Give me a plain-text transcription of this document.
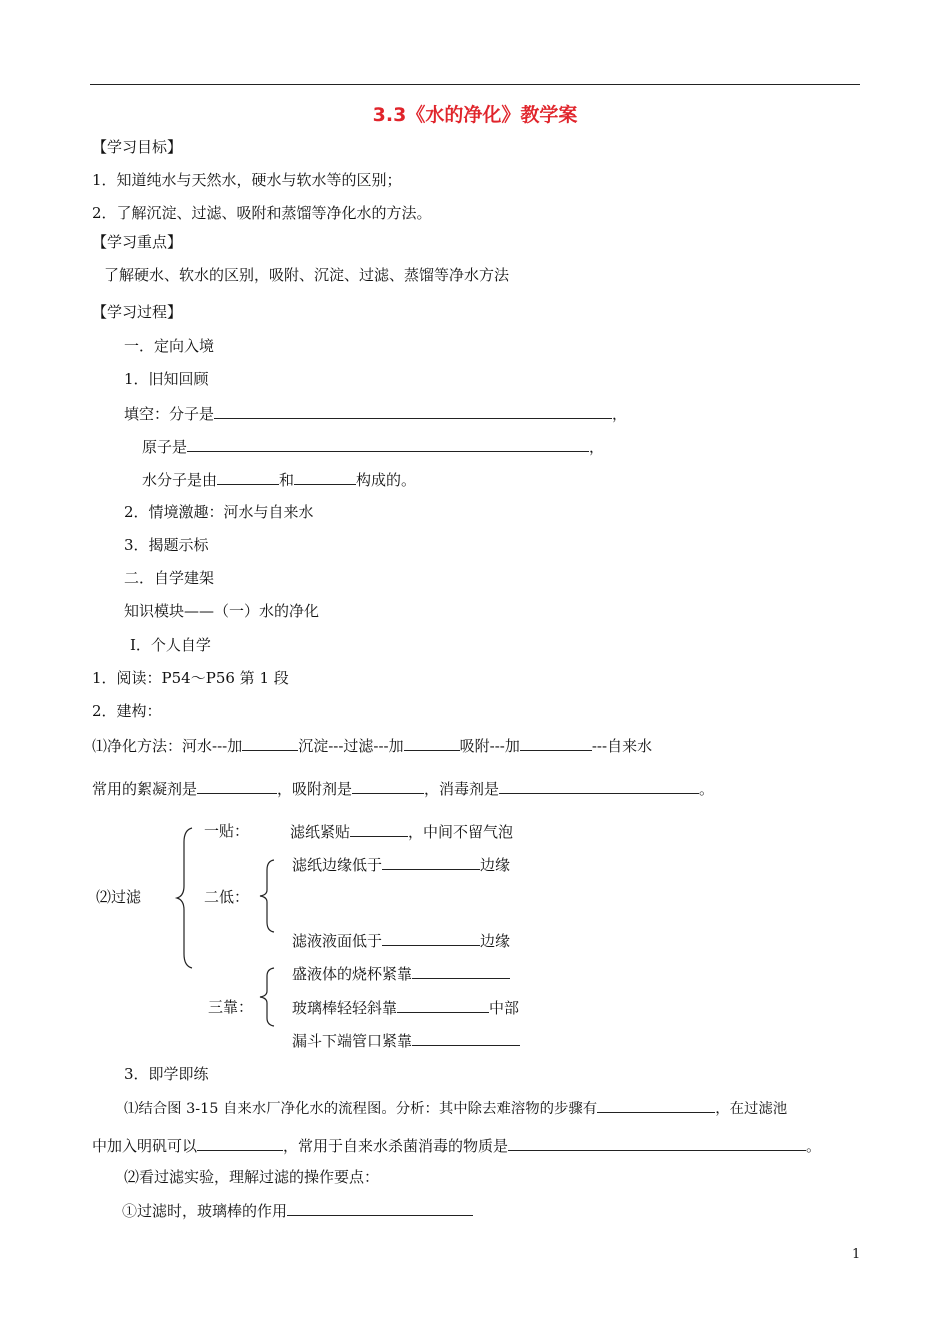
3.3《水的净化》教学案
【学习目标】
1．知道纯水与天然水，硬水与软水等的区别；
2．了解沉淀、过滤、吸附和蒸馏等净化水的方法。
【学习重点】
了解硬水、软水的区别，吸附、沉淀、过滤、蒸馏等净水方法
【学习过程】
一．定向入境
1．旧知回顾
填空：分子是	，
原子是	，
水分子是由	和	构成的。
2．情境激趣：河水与自来水
3．揭题示标
二．自学建架
知识模块——（一）水的净化
Ⅰ．个人自学
1．阅读：P54～P56 第 1 段
2．建构：
⑴净化方法：河水---加	沉淀---过滤---加	吸附---加	---自来水
常用的絮凝剂是	，吸附剂是	，消毒剂是	。
⑵过滤
一贴：	滤纸紧贴	，中间不留气泡
二低：
滤纸边缘低于	边缘
滤液液面低于	边缘
三靠：
盛液体的烧杯紧靠
玻璃棒轻轻斜靠	中部
漏斗下端管口紧靠
3．即学即练
⑴结合图 3-15 自来水厂净化水的流程图。分析：其中除去难溶物的步骤有	，在过滤池
中加入明矾可以	，常用于自来水杀菌消毒的物质是	。
⑵看过滤实验，理解过滤的操作要点：
①过滤时，玻璃棒的作用
1
